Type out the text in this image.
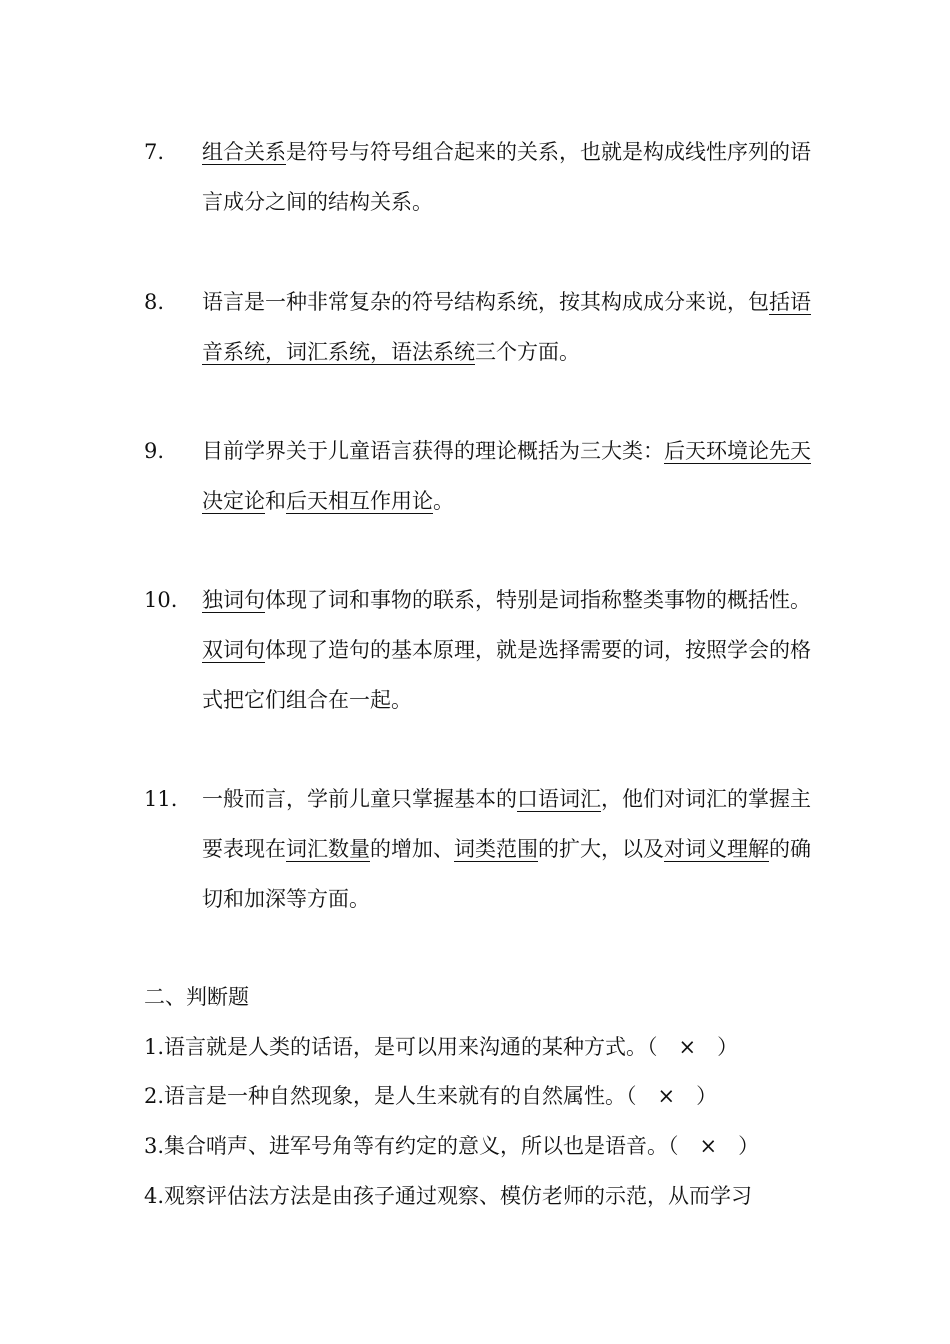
7. 组合关系是符号与符号组合起来的关系，也就是构成线性序列的语言成分之间的结构关系。
8. 语言是一种非常复杂的符号结构系统，按其构成成分来说，包括语音系统，词汇系统，语法系统三个方面。
9. 目前学界关于儿童语言获得的理论概括为三大类：后天环境论先天决定论和后天相互作用论。
10. 独词句体现了词和事物的联系，特别是词指称整类事物的概括性。双词句体现了造句的基本原理，就是选择需要的词，按照学会的格式把它们组合在一起。
11. 一般而言，学前儿童只掌握基本的口语词汇，他们对词汇的掌握主要表现在词汇数量的增加、词类范围的扩大，以及对词义理解的确切和加深等方面。
二、判断题
1.语言就是人类的话语，是可以用来沟通的某种方式。（　×　）
2.语言是一种自然现象，是人生来就有的自然属性。（　×　）
3.集合哨声、进军号角等有约定的意义，所以也是语音。（　×　）
4.观察评估法方法是由孩子通过观察、模仿老师的示范，从而学习
